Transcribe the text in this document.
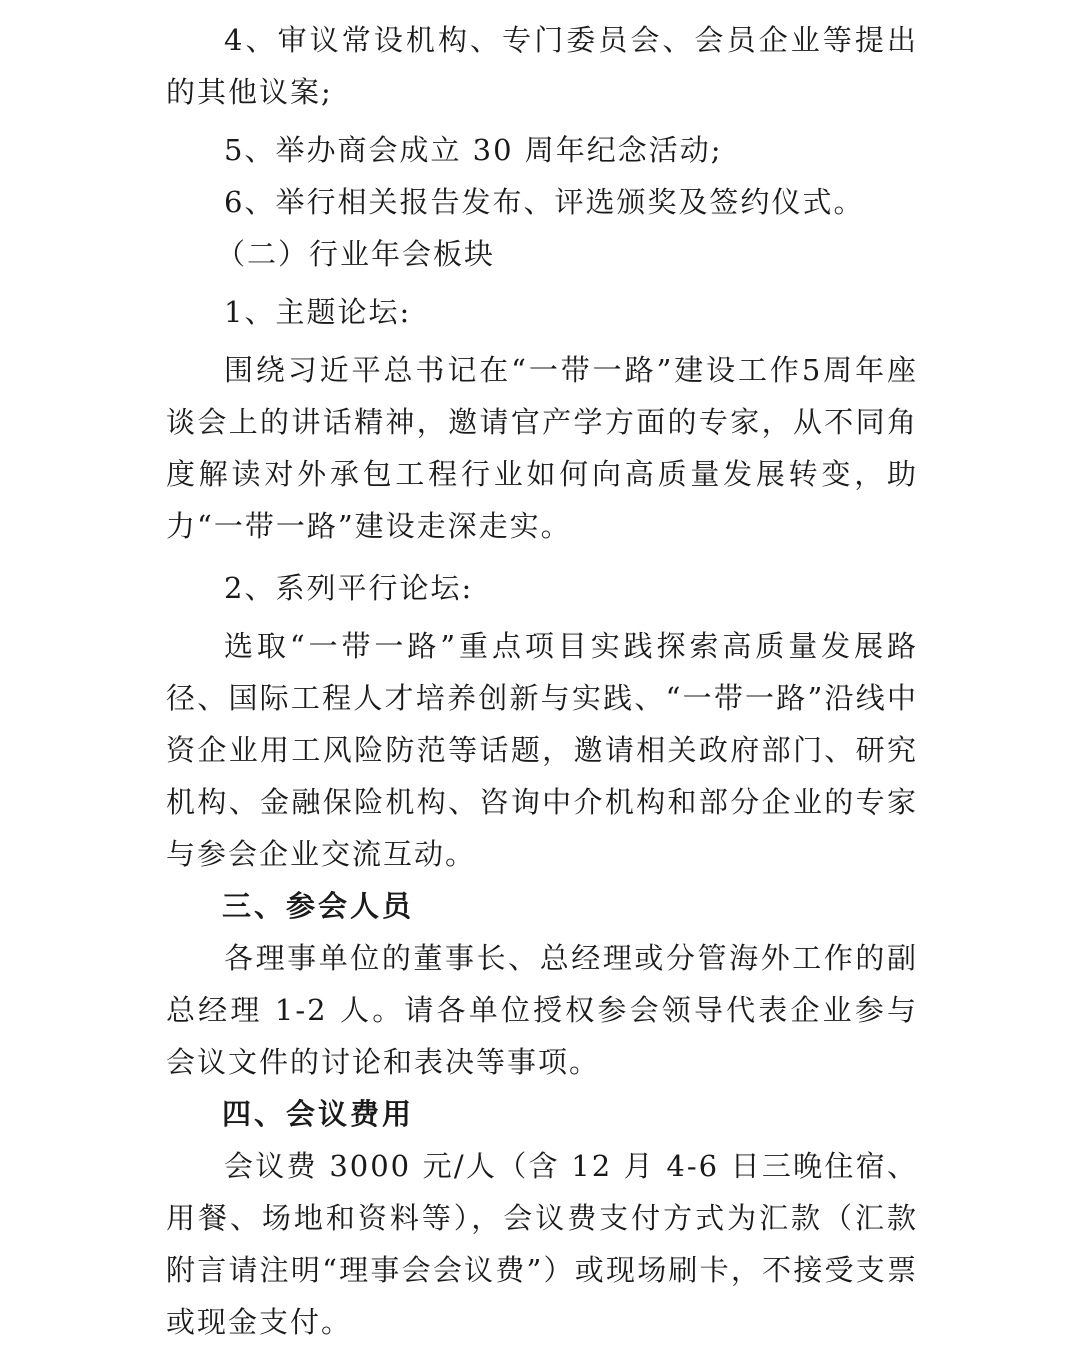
4、审议常设机构、专门委员会、会员企业等提出的其他议案;

5、举办商会成立 30 周年纪念活动;

6、举行相关报告发布、评选颁奖及签约仪式。

（二）行业年会板块

1、主题论坛:

围绕习近平总书记在“一带一路”建设工作5周年座谈会上的讲话精神，邀请官产学方面的专家，从不同角度解读对外承包工程行业如何向高质量发展转变，助力“一带一路”建设走深走实。

2、系列平行论坛:

选取“一带一路”重点项目实践探索高质量发展路径、国际工程人才培养创新与实践、“一带一路”沿线中资企业用工风险防范等话题，邀请相关政府部门、研究机构、金融保险机构、咨询中介机构和部分企业的专家与参会企业交流互动。

三、参会人员

各理事单位的董事长、总经理或分管海外工作的副总经理 1-2 人。请各单位授权参会领导代表企业参与会议文件的讨论和表决等事项。

四、会议费用

会议费 3000 元/人（含 12 月 4-6 日三晚住宿、用餐、场地和资料等），会议费支付方式为汇款（汇款附言请注明“理事会会议费”）或现场刷卡，不接受支票或现金支付。
